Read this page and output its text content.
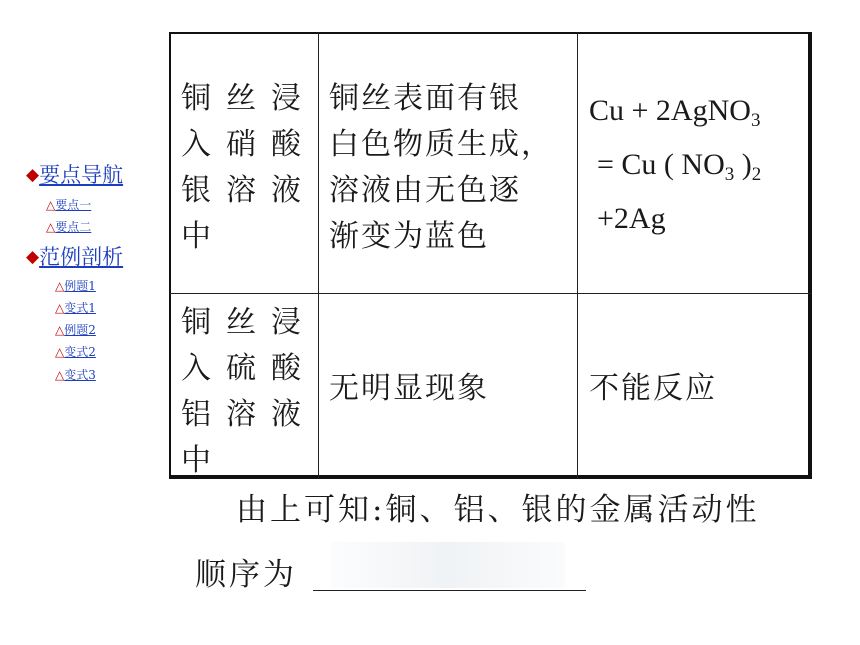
◆要点导航
△要点一
△要点二
◆范例剖析
△例题1
△变式1
△例题2
△变式2
△变式3
铜丝浸
入硝酸
银溶液
中
铜丝表面有银
白色物质生成，
溶液由无色逐
渐变为蓝色
Cu + 2AgNO$_3$
= Cu ( $NO_3$ )$_2$
+2Ag
铜丝浸
入硫酸
铝溶液
中
无明显现象	不能反应
由上可知:铜、铝、银的金属活动性
顺序为
